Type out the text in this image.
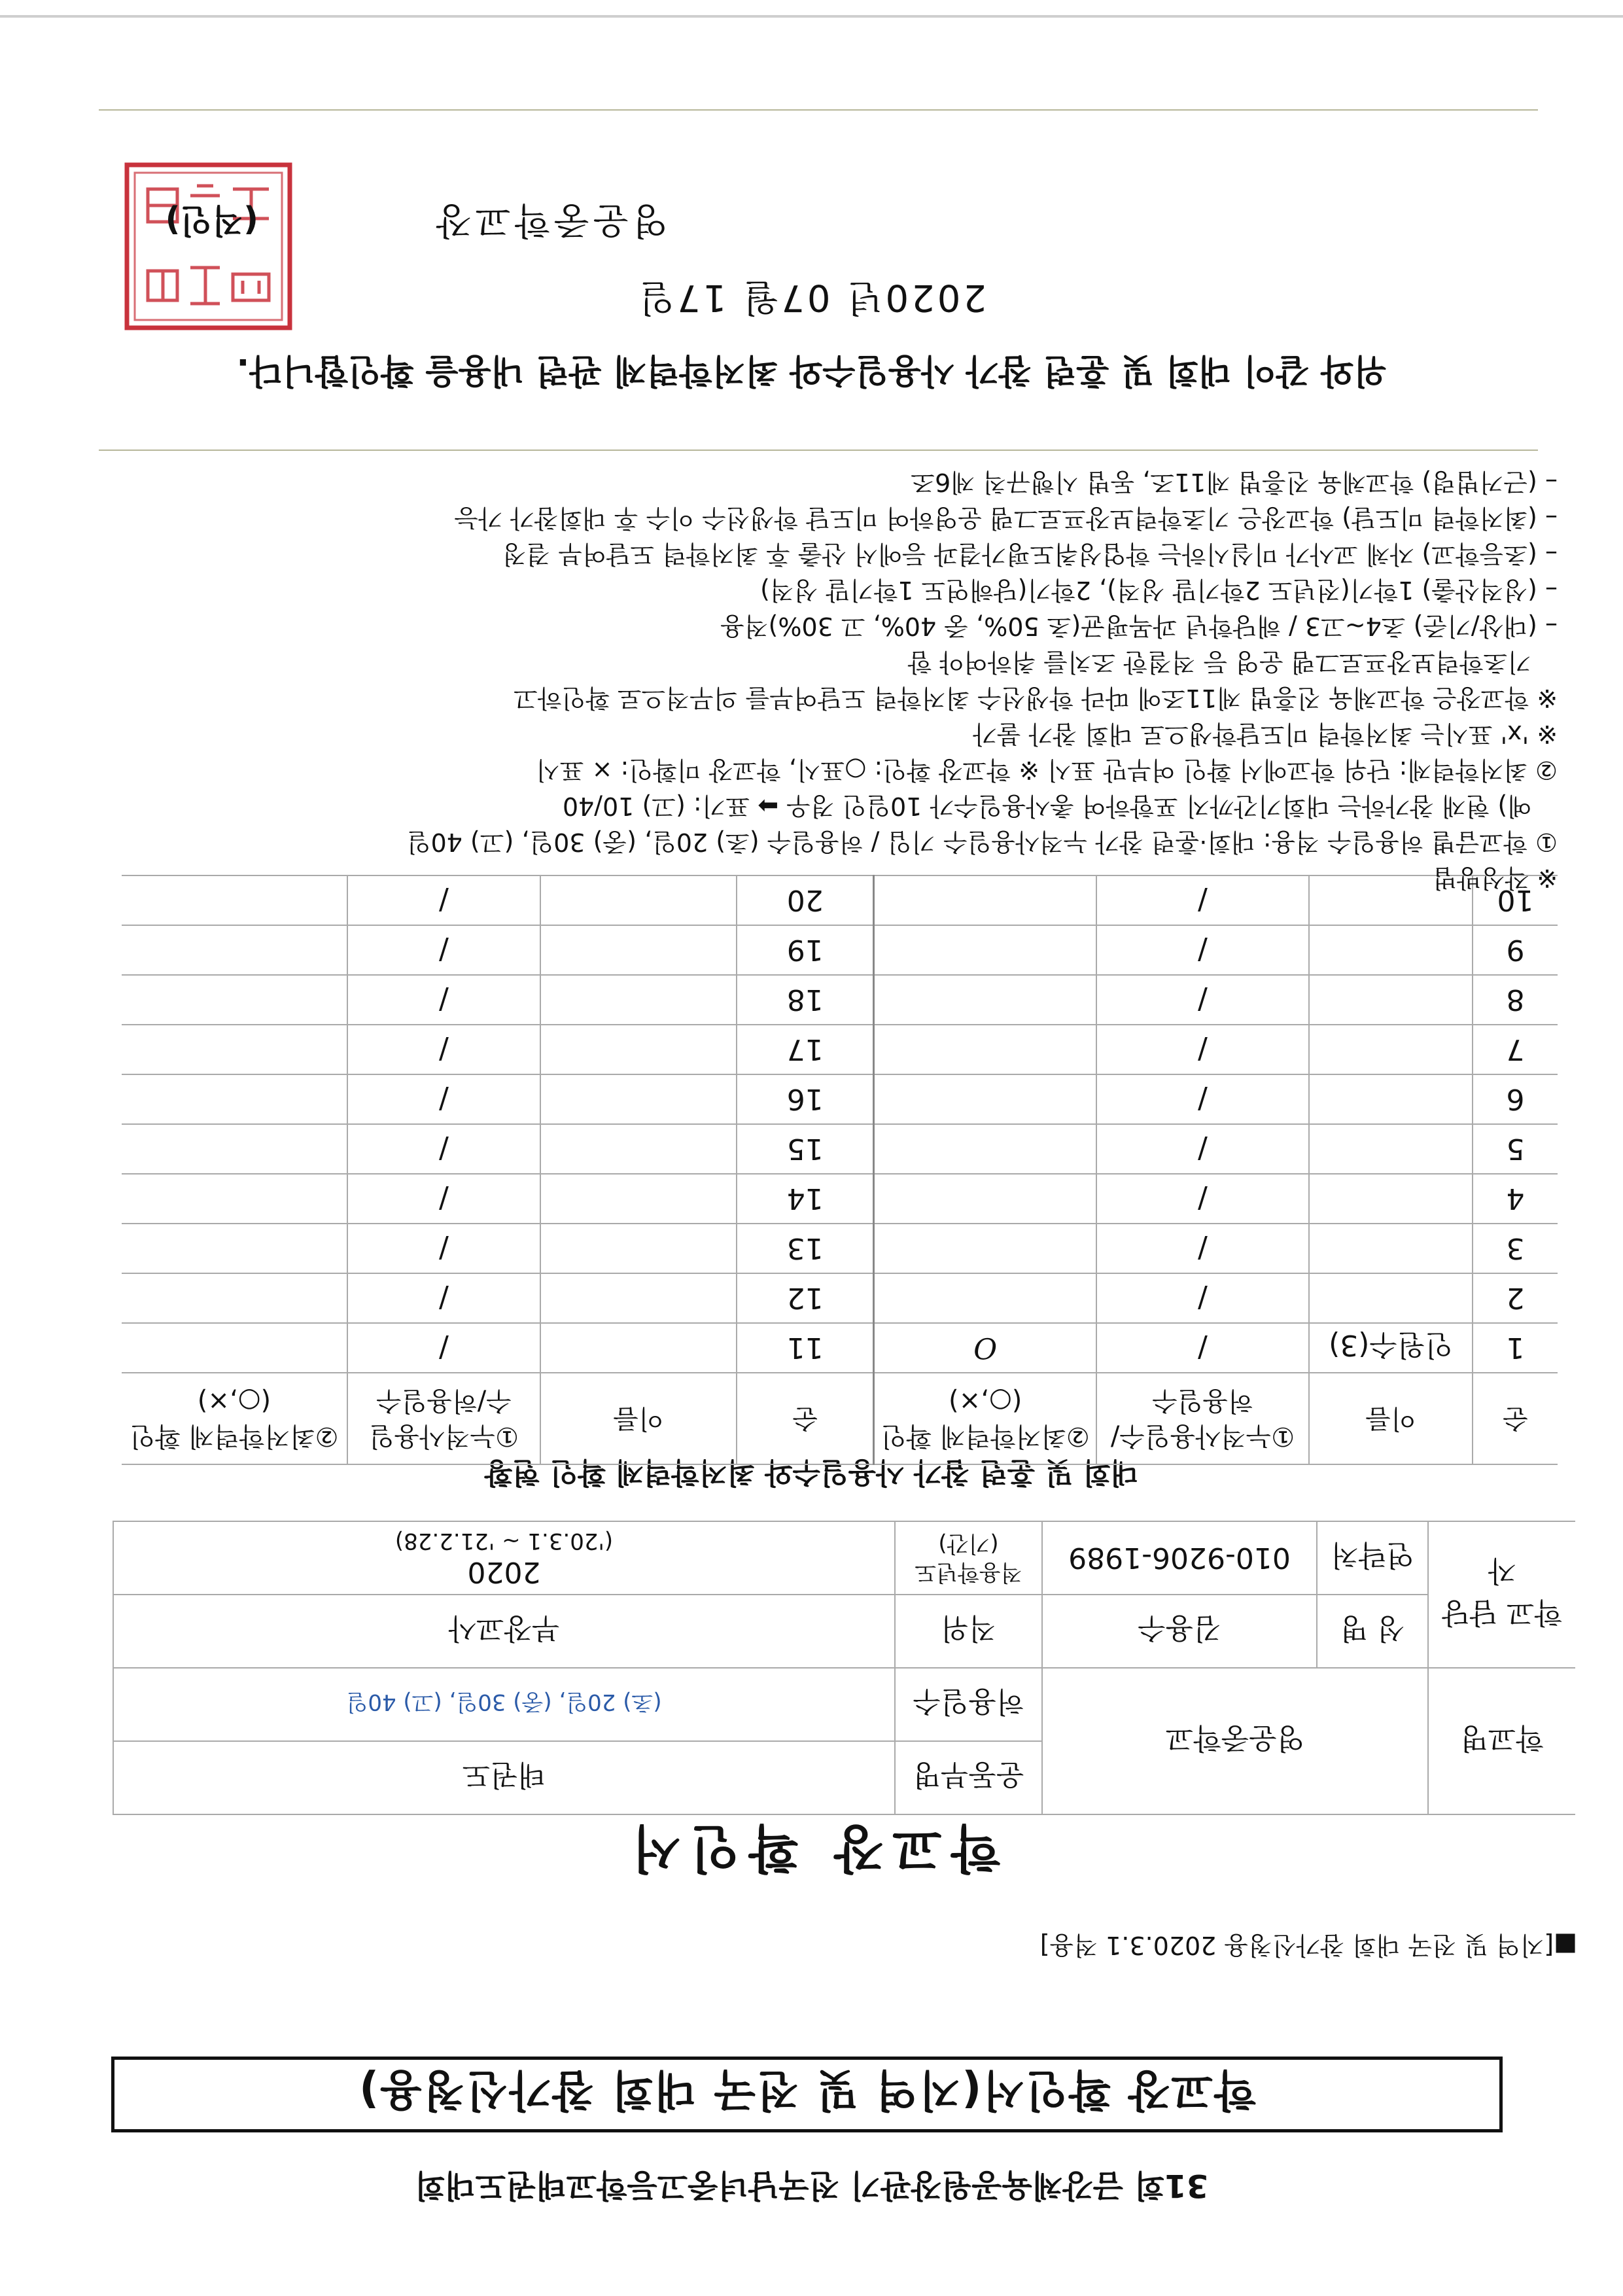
31회 금강체육공원장관기 전국남녀중고등학교태권도대회
학교장 확인서(지역 및 전국 대회 참가신청용)
■[지역 및 전국 대회 참가신청용 2020.3.1 적용]
학교장 확인서
학교명	영운중학교		운동부명	태권도
			허용일수	(초) 20일, (중) 30일, (고) 40일
학교 담당자	성 명	김용수	직위	부장교사
	연락처	010-9206-1989	적용학년도 (기간)	2020
('20.3.1 ~ '21.2.28)
대회 및 훈련 참가 사용일수와 최저학력제 확인 현황
순	이름	①누적사용일수/허용일수	②최저학력제 확인(○,×)	순	이름	①누적사용일수/허용일수	②최저학력제 확인(○,×)
1	인원수(3)	/	O	11		/	
2		/		12		/	
3		/		13		/	
4		/		14		/	
5		/		15		/	
6		/		16		/	
7		/		17		/	
8		/		18		/	
9		/		19		/	
10		/		20		/	
※ 작성방법
① 학교급별 허용일수 적용: 대회·훈련 참가 누적사용일수 기입 / 허용일수 (초) 20일, (중) 30일, (고) 40일
예) 현재 참가하는 대회기간까지 포함하여 총사용일수가 10일인 경우 ➡ 표기: (고) 10/40
② 최저학력제: 단위 학교에서 확인 여부만 표시 ※ 학교장 확인: ○표시, 학교장 미확인: × 표시
※ 'x' 표시는 최저학력 미도달학생으로 대회 참가 불가
※ 학교장은 학교체육 진흥법 제11조에 따라 학생선수 최저학력 도달여부를 의무적으로 확인하고
기초학력보장프로그램 운영 등 적절한 조치를 취하여야 함
– (대상/기준) 초4~고3 / 해당학년 과목평균(초 50%, 중 40%, 고 30%)적용
– (성적산출) 1학기(전년도 2학기말 성적), 2학기(당해연도 1학기말 성적)
– (초등학교) 자체 교사가 미실시하는 학업성취도평가결과 등에서 산출 후 최저학력 도달여부 결정
– (최저학력 미도달) 학교장은 기초학력보장프로그램 운영하여 미도달 학생선수 이수 후 대회참가 가능
– (근거법령) 학교체육 진흥법 제11조, 동법 시행규칙 제6조
위와 같이 대회 및 훈련 참가 사용일수와 최저학력제 관련 내용을 확인합니다.
2020년 07월 17일
영운중학교장
(직인)
